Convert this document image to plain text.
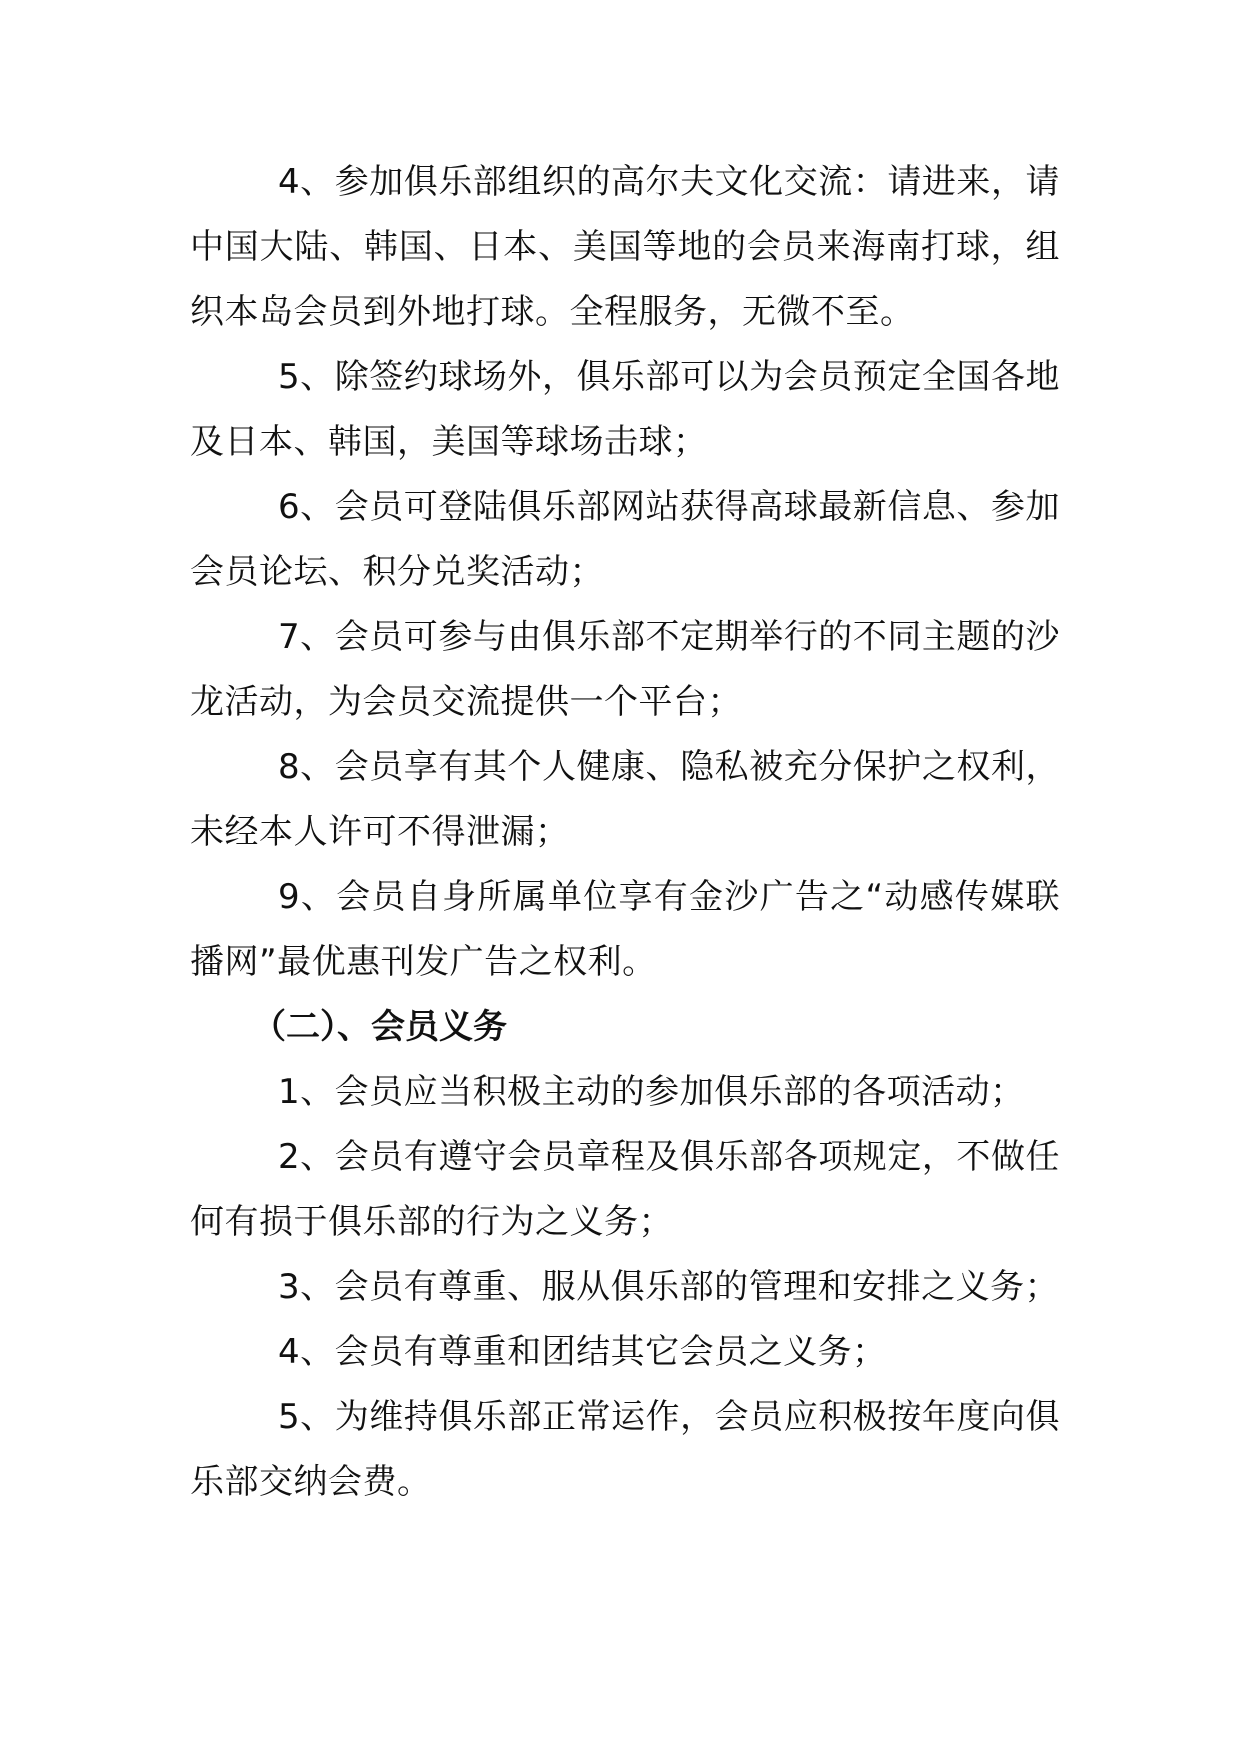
4、参加俱乐部组织的高尔夫文化交流：请进来，请中国大陆、韩国、日本、美国等地的会员来海南打球，组织本岛会员到外地打球。全程服务，无微不至。

5、除签约球场外，俱乐部可以为会员预定全国各地及日本、韩国，美国等球场击球；

6、会员可登陆俱乐部网站获得高球最新信息、参加会员论坛、积分兑奖活动；

7、会员可参与由俱乐部不定期举行的不同主题的沙龙活动，为会员交流提供一个平台；

8、会员享有其个人健康、隐私被充分保护之权利，未经本人许可不得泄漏；

9、会员自身所属单位享有金沙广告之“动感传媒联播网”最优惠刊发广告之权利。

（二）、会员义务

1、会员应当积极主动的参加俱乐部的各项活动；

2、会员有遵守会员章程及俱乐部各项规定，不做任何有损于俱乐部的行为之义务；

3、会员有尊重、服从俱乐部的管理和安排之义务；

4、会员有尊重和团结其它会员之义务；

5、为维持俱乐部正常运作，会员应积极按年度向俱乐部交纳会费。
